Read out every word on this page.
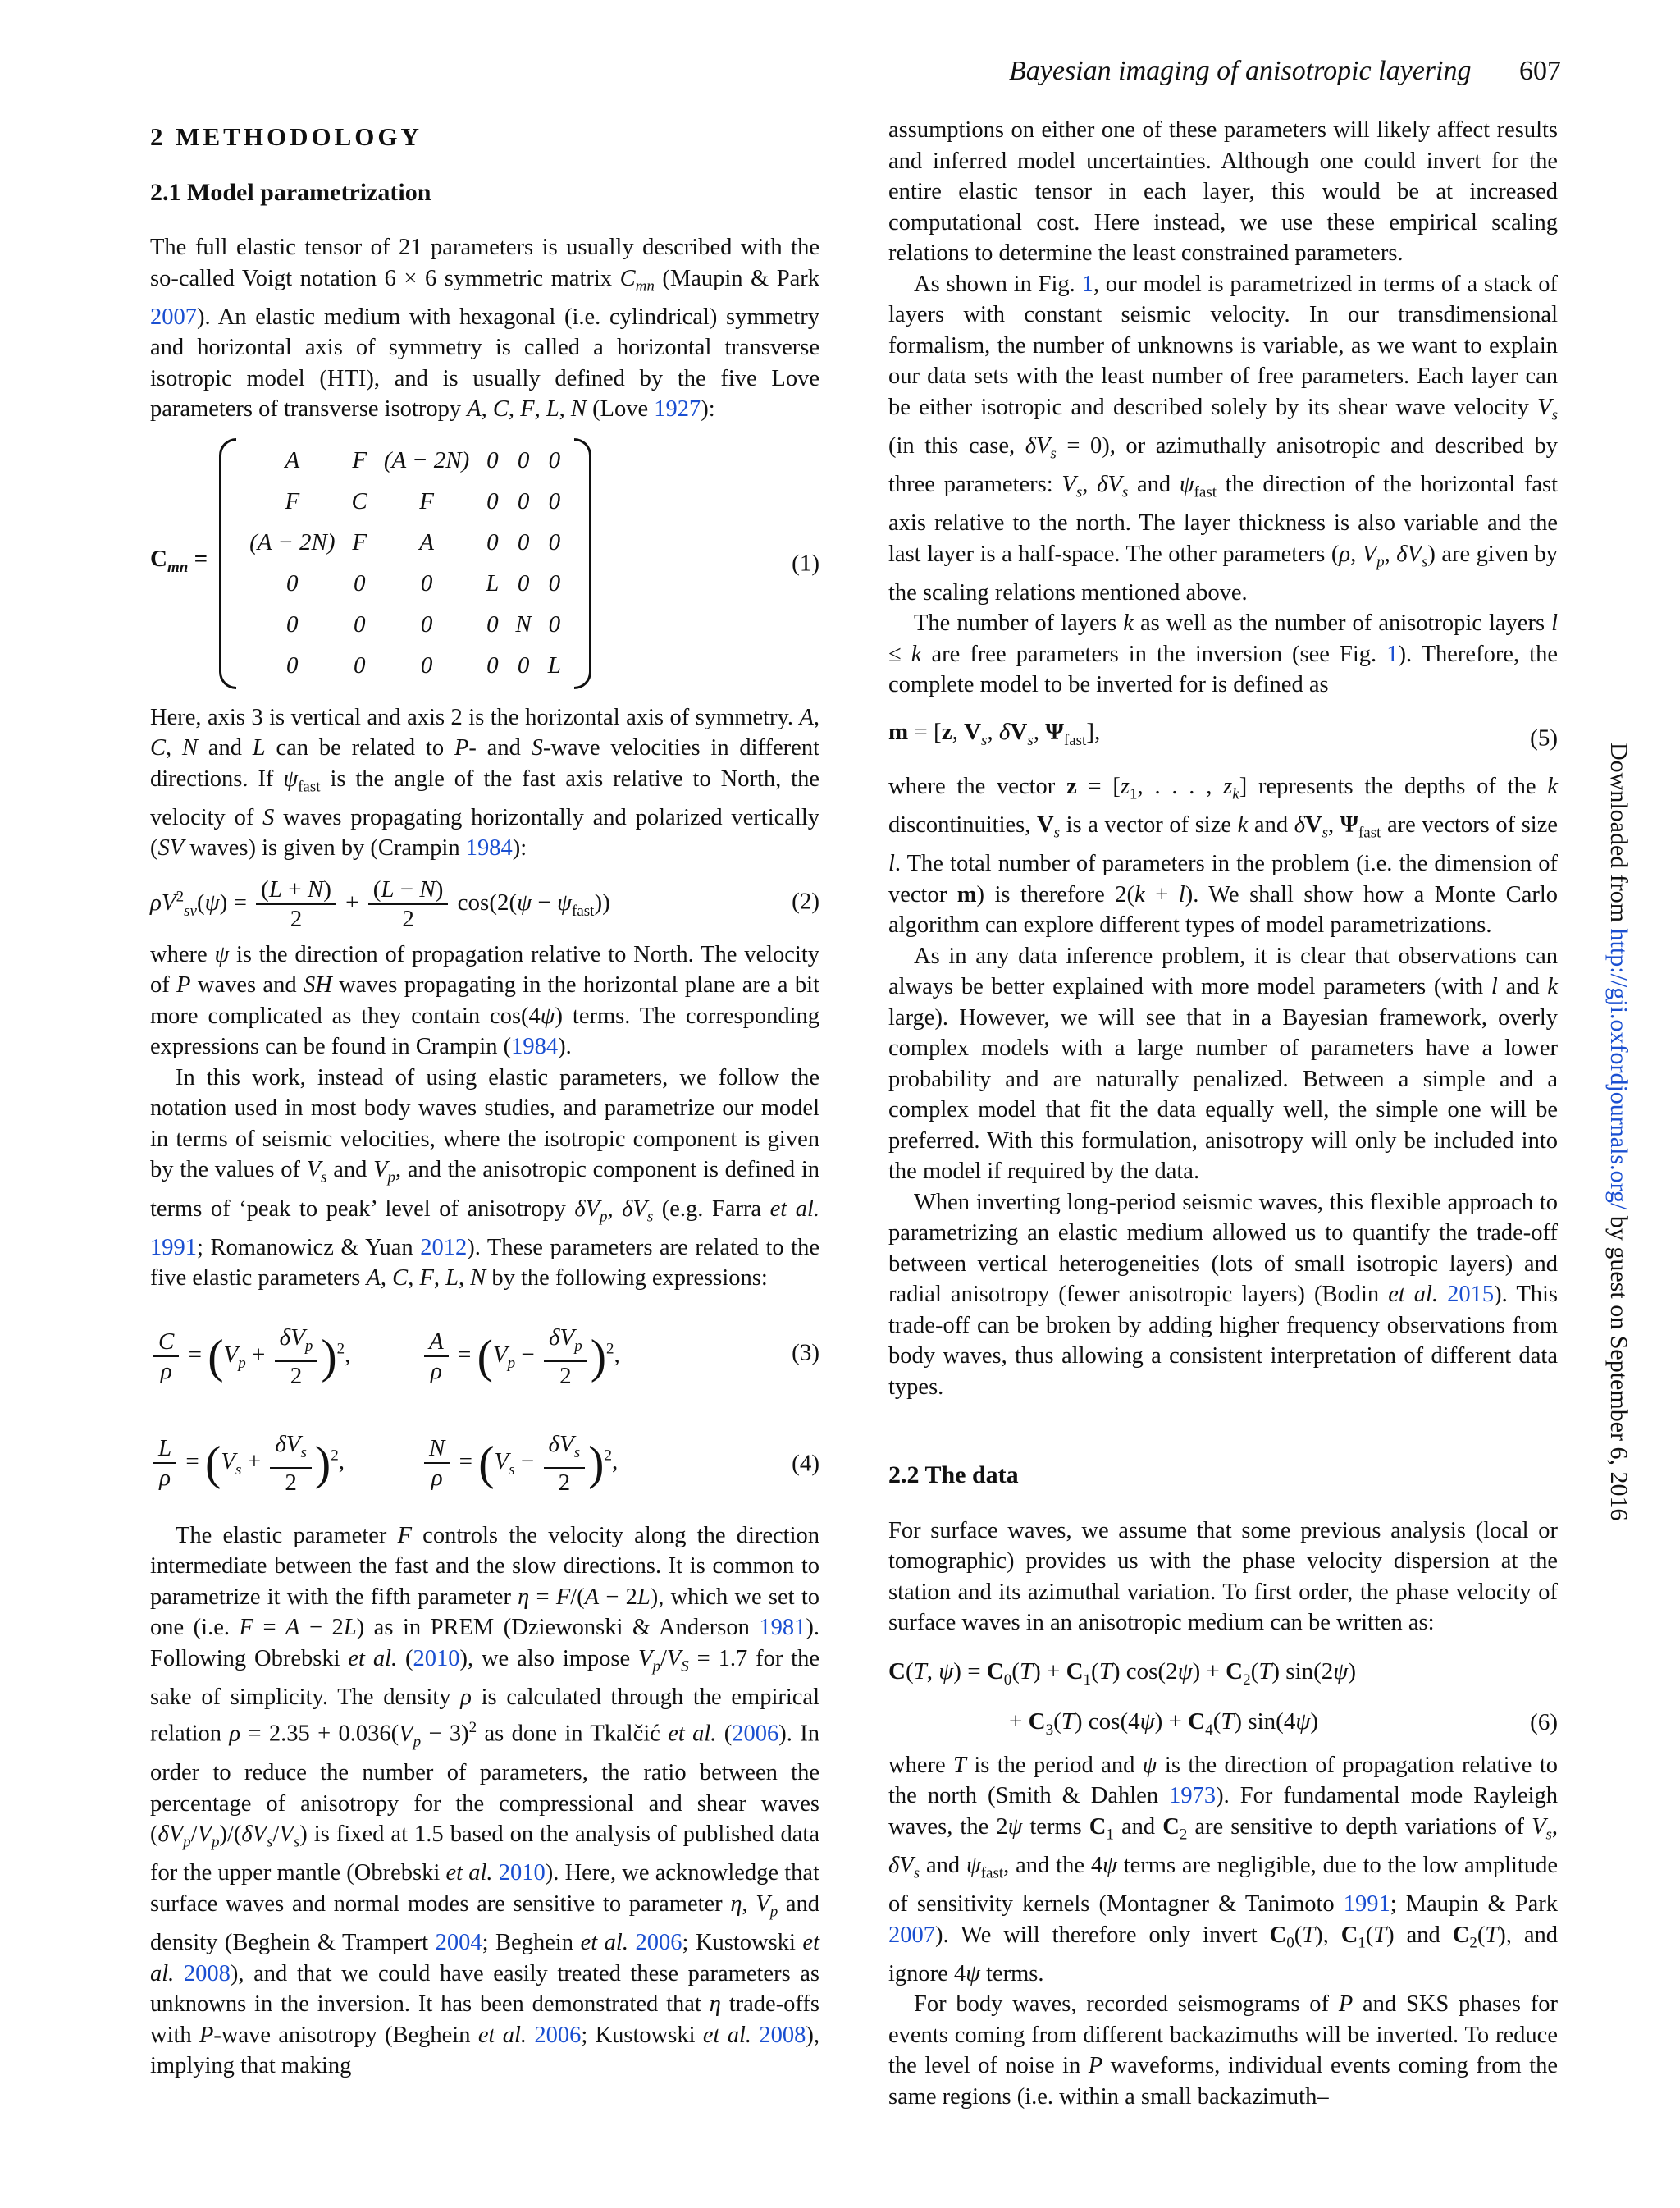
Bayesian imaging of anisotropic layering 607
2 METHODOLOGY
2.1 Model parametrization

The full elastic tensor of 21 parameters is usually described with the so-called Voigt notation 6 × 6 symmetric matrix $C_{mn}$ (Maupin & Park 2007). An elastic medium with hexagonal (i.e. cylindrical) symmetry and horizontal axis of symmetry is called a horizontal transverse isotropic model (HTI), and is usually defined by the five Love parameters of transverse isotropy A, C, F, L, N (Love 1927):

$C_{mn}$ =
A	F	(A − 2N)	0	0	0
F	C	F	0	0	0
(A − 2N)	F	A	0	0	0
0	0	0	L	0	0
0	0	0	0	N	0
0	0	0	0	0	L
(1)

Here, axis 3 is vertical and axis 2 is the horizontal axis of symmetry. A, C, N and L can be related to P- and S-wave velocities in different directions. If $\psi_{fast}$ is the angle of the fast axis relative to North, the velocity of S waves propagating horizontally and polarized vertically (SV waves) is given by (Crampin 1984):

$\rho V^2_{sv}(\psi) = \frac{(L + N)}{2} + \frac{(L - N)}{2} \cos(2(\psi - \psi_{fast}))$	(2)

where ψ is the direction of propagation relative to North. The velocity of P waves and SH waves propagating in the horizontal plane are a bit more complicated as they contain cos(4ψ) terms. The corresponding expressions can be found in Crampin (1984).

In this work, instead of using elastic parameters, we follow the notation used in most body waves studies, and parametrize our model in terms of seismic velocities, where the isotropic component is given by the values of $V_s$ and $V_p$, and the anisotropic component is defined in terms of ‘peak to peak’ level of anisotropy $\delta V_p$, $\delta V_s$ (e.g. Farra et al. 1991; Romanowicz & Yuan 2012). These parameters are related to the five elastic parameters A, C, F, L, N by the following expressions:

$\frac{C}{\rho} = (V_p + \frac{\delta V_p}{2} )^2$,	$\frac{A}{\rho} = (V_p - \frac{\delta V_p}{2} )^2$,	(3)
$\frac{L}{\rho} = (V_s + \frac{\delta V_s}{2} )^2$,	$\frac{N}{\rho} = (V_s - \frac{\delta V_s}{2} )^2$,	(4)

The elastic parameter F controls the velocity along the direction intermediate between the fast and the slow directions. It is common to parametrize it with the fifth parameter η = F/(A − 2L), which we set to one (i.e. F = A − 2L) as in PREM (Dziewonski & Anderson 1981). Following Obrebski et al. (2010), we also impose $V_p/V_S = 1.7$ for the sake of simplicity. The density ρ is calculated through the empirical relation $\rho = 2.35 + 0.036(V_p - 3)^2$ as done in Tkalčić et al. (2006). In order to reduce the number of parameters, the ratio between the percentage of anisotropy for the compressional and shear waves $(\delta V_p/V_p)/(\delta V_s/V_s)$ is fixed at 1.5 based on the analysis of published data for the upper mantle (Obrebski et al. 2010). Here, we acknowledge that surface waves and normal modes are sensitive to parameter η, $V_p$ and density (Beghein & Trampert 2004; Beghein et al. 2006; Kustowski et al. 2008), and that we could have easily treated these parameters as unknowns in the inversion. It has been demonstrated that η trade-offs with P-wave anisotropy (Beghein et al. 2006; Kustowski et al. 2008), implying that making

assumptions on either one of these parameters will likely affect results and inferred model uncertainties. Although one could invert for the entire elastic tensor in each layer, this would be at increased computational cost. Here instead, we use these empirical scaling relations to determine the least constrained parameters.

As shown in Fig. 1, our model is parametrized in terms of a stack of layers with constant seismic velocity. In our transdimensional formalism, the number of unknowns is variable, as we want to explain our data sets with the least number of free parameters. Each layer can be either isotropic and described solely by its shear wave velocity $V_s$ (in this case, $\delta V_s = 0$), or azimuthally anisotropic and described by three parameters: $V_s$, $\delta V_s$ and $\psi_{fast}$ the direction of the horizontal fast axis relative to the north. The layer thickness is also variable and the last layer is a half-space. The other parameters (ρ, $V_p$, $\delta V_s$) are given by the scaling relations mentioned above.

The number of layers k as well as the number of anisotropic layers l ≤ k are free parameters in the inversion (see Fig. 1). Therefore, the complete model to be inverted for is defined as

m = [z, $V_s$, $\delta V_s$, $\Psi_{fast}$],	(5)

where the vector $z = [z_1$, . . . , $z_k$] represents the depths of the k discontinuities, $V_s$ is a vector of size k and $\delta V_s$, $\Psi_{fast}$ are vectors of size l. The total number of parameters in the problem (i.e. the dimension of vector m) is therefore 2(k + l). We shall show how a Monte Carlo algorithm can explore different types of model parametrizations.

As in any data inference problem, it is clear that observations can always be better explained with more model parameters (with l and k large). However, we will see that in a Bayesian framework, overly complex models with a large number of parameters have a lower probability and are naturally penalized. Between a simple and a complex model that fit the data equally well, the simple one will be preferred. With this formulation, anisotropy will only be included into the model if required by the data.

When inverting long-period seismic waves, this flexible approach to parametrizing an elastic medium allowed us to quantify the trade-off between vertical heterogeneities (lots of small isotropic layers) and radial anisotropy (fewer anisotropic layers) (Bodin et al. 2015). This trade-off can be broken by adding higher frequency observations from body waves, thus allowing a consistent interpretation of different data types.

2.2 The data

For surface waves, we assume that some previous analysis (local or tomographic) provides us with the phase velocity dispersion at the station and its azimuthal variation. To first order, the phase velocity of surface waves in an anisotropic medium can be written as:

C(T, $\psi) = C_0(T) + C_1(T) \cos(2\psi) + C_2(T)$ sin(2ψ)
+ $C_3(T) \cos(4\psi) + C_4(T)$ sin(4ψ)	(6)

where T is the period and ψ is the direction of propagation relative to the north (Smith & Dahlen 1973). For fundamental mode Rayleigh waves, the 2ψ terms $C_1$ and $C_2$ are sensitive to depth variations of $V_s$, $\delta V_s$ and $\psi_{fast}$, and the 4ψ terms are negligible, due to the low amplitude of sensitivity kernels (Montagner & Tanimoto 1991; Maupin & Park 2007). We will therefore only invert $C_0(T)$, $C_1(T)$ and $C_2(T)$, and ignore 4ψ terms.

For body waves, recorded seismograms of P and SKS phases for events coming from different backazimuths will be inverted. To reduce the level of noise in P waveforms, individual events coming from the same regions (i.e. within a small backazimuth–

Downloaded from http://gji.oxfordjournals.org/ by guest on September 6, 2016
